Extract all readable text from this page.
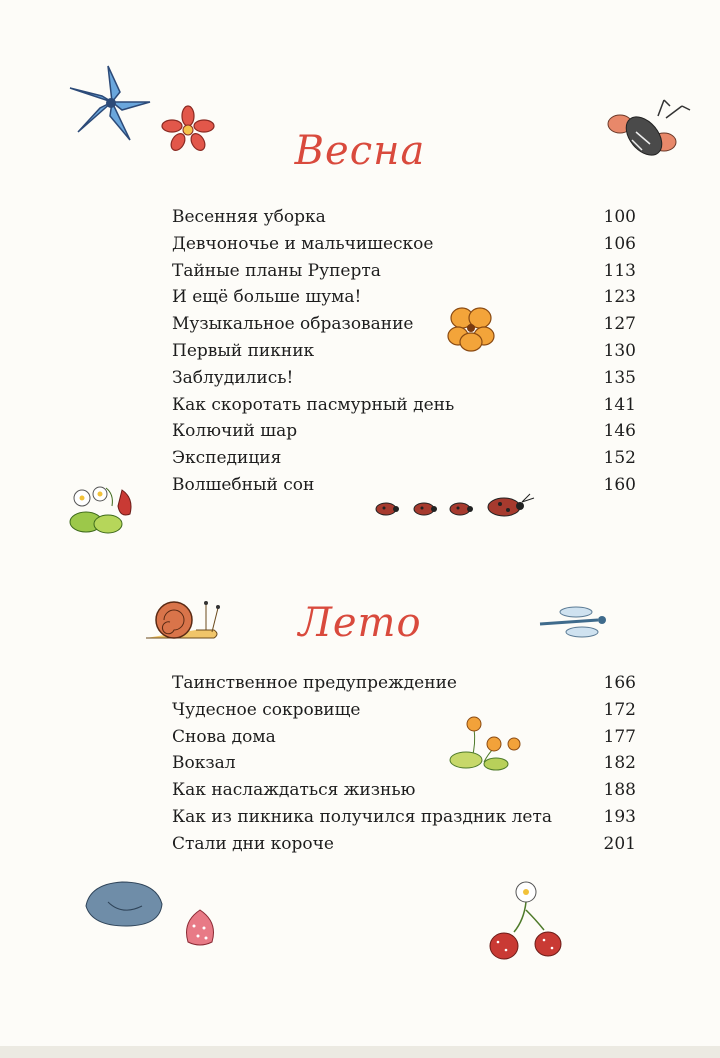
Весна
Весенняя уборка	100
Девчоночье и мальчишеское	106
Тайные планы Руперта	113
И ещё больше шума!	123
Музыкальное образование	127
Первый пикник	130
Заблудились!	135
Как скоротать пасмурный день	141
Колючий шар	146
Экспедиция	152
Волшебный сон	160
Лето
Таинственное предупреждение	166
Чудесное сокровище	172
Снова дома	177
Вокзал	182
Как наслаждаться жизнью	188
Как из пикника получился праздник лета	193
Стали дни короче	201
